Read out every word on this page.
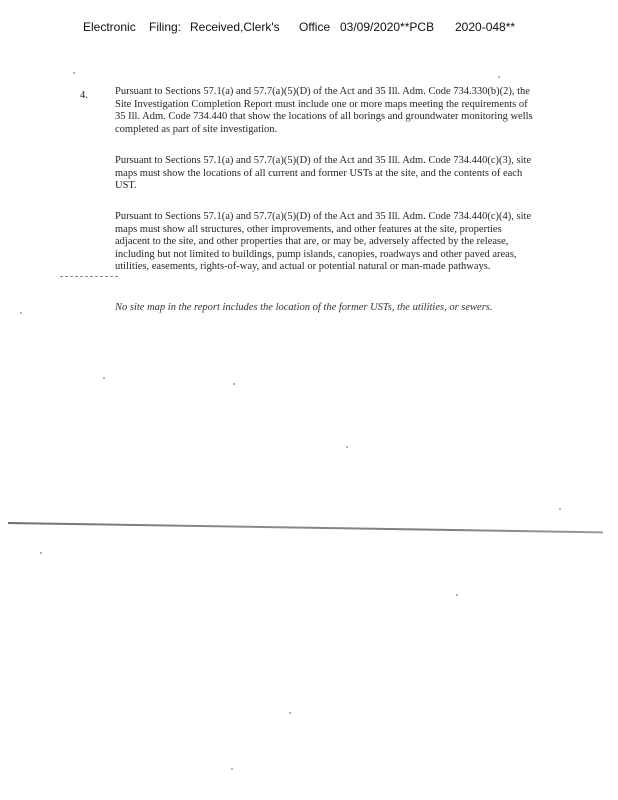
Electronic Filing: Received,Clerk's Office 03/09/2020**PCB 2020-048**
4.	Pursuant to Sections 57.1(a) and 57.7(a)(5)(D) of the Act and 35 Ill. Adm. Code 734.330(b)(2), the Site Investigation Completion Report must include one or more maps meeting the requirements of 35 Ill. Adm. Code 734.440 that show the locations of all borings and groundwater monitoring wells completed as part of site investigation.

Pursuant to Sections 57.1(a) and 57.7(a)(5)(D) of the Act and 35 Ill. Adm. Code 734.440(c)(3), site maps must show the locations of all current and former USTs at the site, and the contents of each UST.

Pursuant to Sections 57.1(a) and 57.7(a)(5)(D) of the Act and 35 Ill. Adm. Code 734.440(c)(4), site maps must show all structures, other improvements, and other features at the site, properties adjacent to the site, and other properties that are, or may be, adversely affected by the release, including but not limited to buildings, pump islands, canopies, roadways and other paved areas, utilities, easements, rights-of-way, and actual or potential natural or man-made pathways.

No site map in the report includes the location of the former USTs, the utilities, or sewers.
